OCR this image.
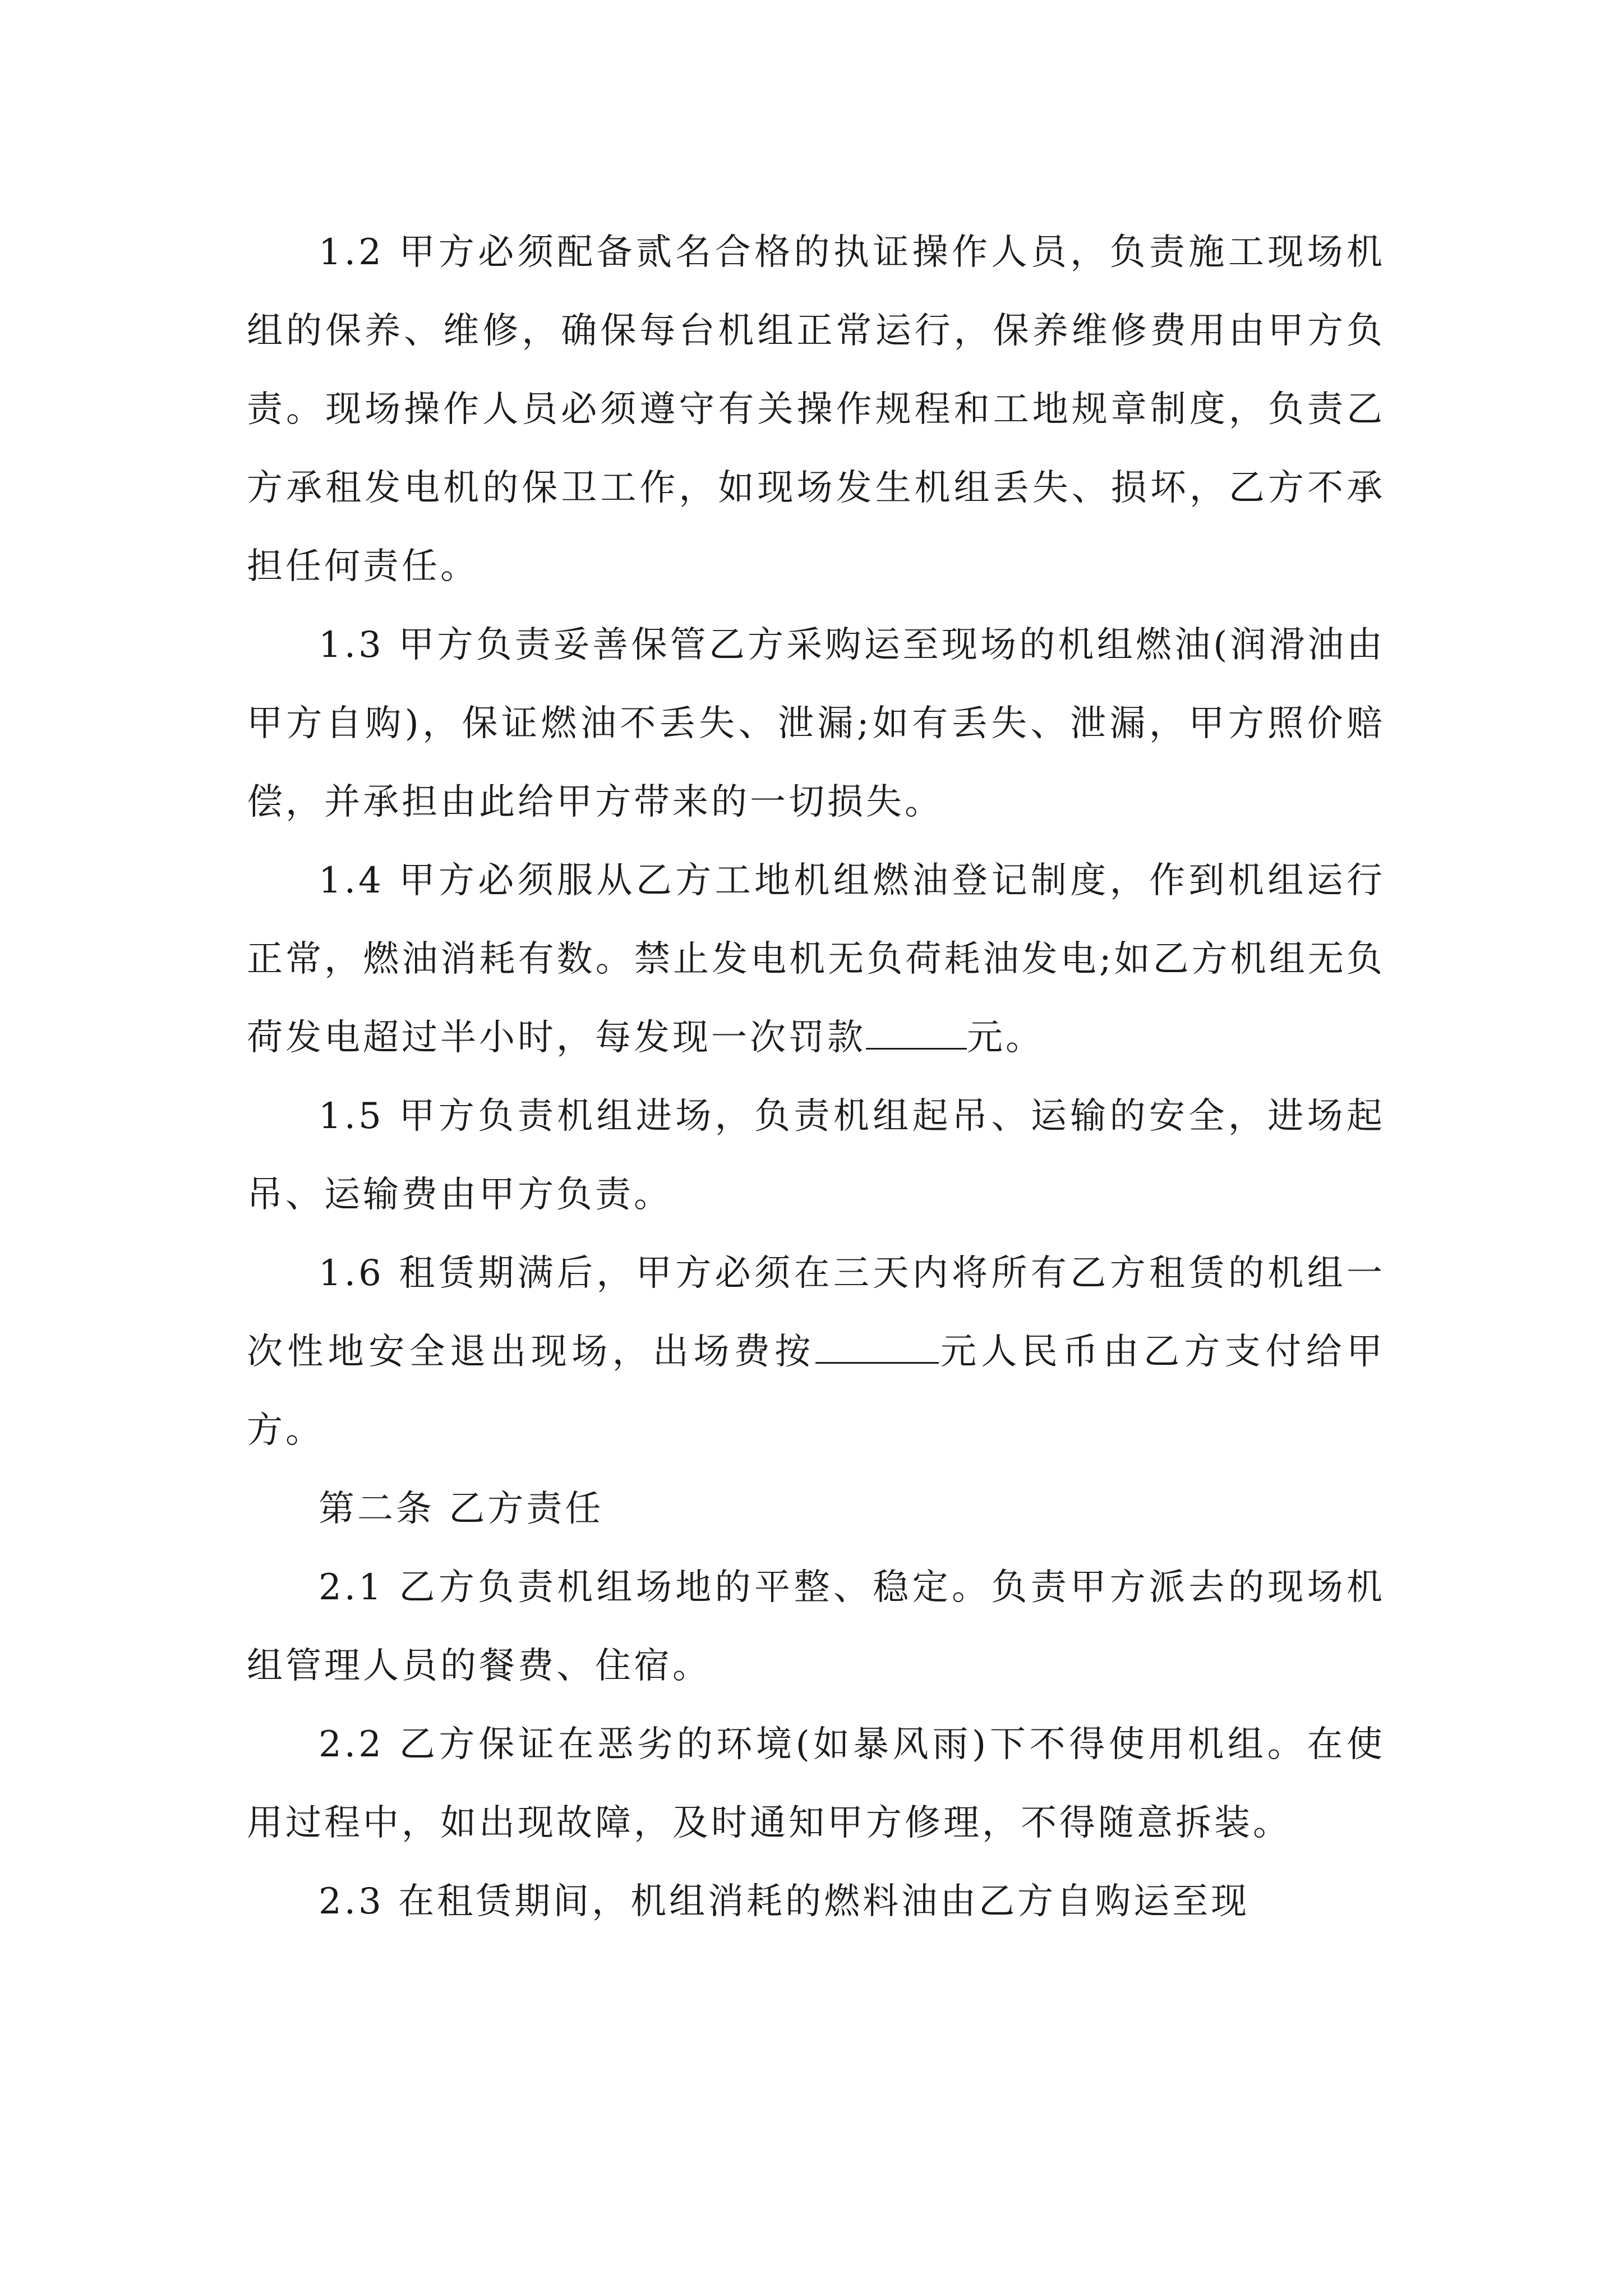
1.2 甲方必须配备贰名合格的执证操作人员，负责施工现场机组的保养、维修，确保每台机组正常运行，保养维修费用由甲方负责。现场操作人员必须遵守有关操作规程和工地规章制度，负责乙方承租发电机的保卫工作，如现场发生机组丢失、损坏，乙方不承担任何责任。

1.3 甲方负责妥善保管乙方采购运至现场的机组燃油(润滑油由甲方自购)，保证燃油不丢失、泄漏;如有丢失、泄漏，甲方照价赔偿，并承担由此给甲方带来的一切损失。

1.4 甲方必须服从乙方工地机组燃油登记制度，作到机组运行正常，燃油消耗有数。禁止发电机无负荷耗油发电;如乙方机组无负荷发电超过半小时，每发现一次罚款	元。

1.5 甲方负责机组进场，负责机组起吊、运输的安全，进场起吊、运输费由甲方负责。

1.6 租赁期满后，甲方必须在三天内将所有乙方租赁的机组一次性地安全退出现场，出场费按	元人民币由乙方支付给甲方。

第二条 乙方责任

2.1 乙方负责机组场地的平整、稳定。负责甲方派去的现场机组管理人员的餐费、住宿。

2.2 乙方保证在恶劣的环境(如暴风雨)下不得使用机组。在使用过程中，如出现故障，及时通知甲方修理，不得随意拆装。

2.3 在租赁期间，机组消耗的燃料油由乙方自购运至现
